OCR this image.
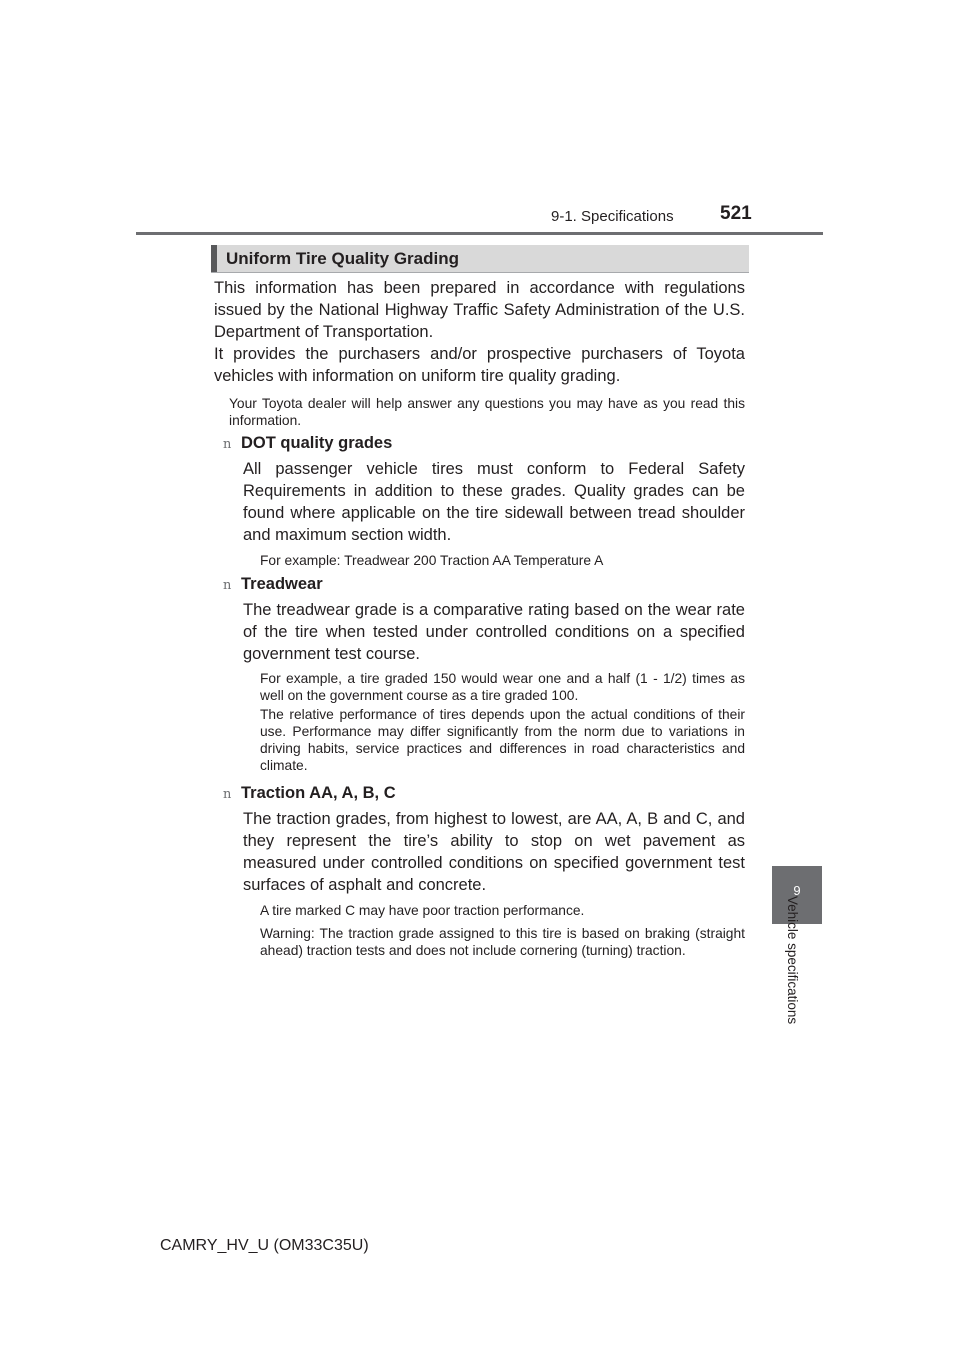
9-1. Specifications 521
Uniform Tire Quality Grading
This information has been prepared in accordance with regulations issued by the National Highway Traffic Safety Administration of the U.S. Department of Transportation.
It provides the purchasers and/or prospective purchasers of Toyota vehicles with information on uniform tire quality grading.
Your Toyota dealer will help answer any questions you may have as you read this information.
n DOT quality grades
All passenger vehicle tires must conform to Federal Safety Requirements in addition to these grades. Quality grades can be found where applicable on the tire sidewall between tread shoulder and maximum section width.
For example: Treadwear 200 Traction AA Temperature A
n Treadwear
The treadwear grade is a comparative rating based on the wear rate of the tire when tested under controlled conditions on a specified government test course.
For example, a tire graded 150 would wear one and a half (1 - 1/2) times as well on the government course as a tire graded 100.
The relative performance of tires depends upon the actual conditions of their use. Performance may differ significantly from the norm due to variations in driving habits, service practices and differences in road characteristics and climate.
n Traction AA, A, B, C
The traction grades, from highest to lowest, are AA, A, B and C, and they represent the tire’s ability to stop on wet pavement as measured under controlled conditions on specified government test surfaces of asphalt and concrete.
A tire marked C may have poor traction performance.
Warning: The traction grade assigned to this tire is based on braking (straight ahead) traction tests and does not include cornering (turning) traction.
9
Vehicle specifications
CAMRY_HV_U (OM33C35U)
